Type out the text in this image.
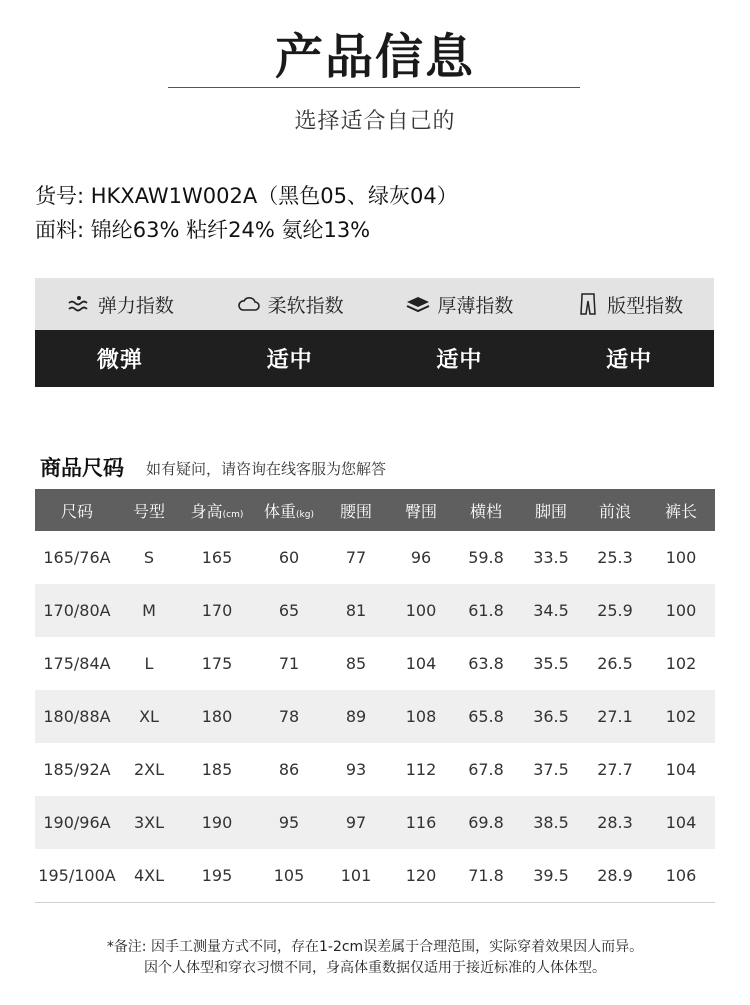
产品信息
选择适合自己的
货号: HKXAW1W002A（黑色05、绿灰04）
面料: 锦纶63% 粘纤24% 氨纶13%
弹力指数	柔软指数	厚薄指数	版型指数
微弹	适中	适中	适中
商品尺码 如有疑问，请咨询在线客服为您解答
尺码	号型	身高(cm)	体重(kg)	腰围	臀围	横档	脚围	前浪	裤长
165/76A	S	165	60	77	96	59.8	33.5	25.3	100
170/80A	M	170	65	81	100	61.8	34.5	25.9	100
175/84A	L	175	71	85	104	63.8	35.5	26.5	102
180/88A	XL	180	78	89	108	65.8	36.5	27.1	102
185/92A	2XL	185	86	93	112	67.8	37.5	27.7	104
190/96A	3XL	190	95	97	116	69.8	38.5	28.3	104
195/100A	4XL	195	105	101	120	71.8	39.5	28.9	106
*备注: 因手工测量方式不同，存在1-2cm误差属于合理范围，实际穿着效果因人而异。
因个人体型和穿衣习惯不同，身高体重数据仅适用于接近标准的人体体型。
